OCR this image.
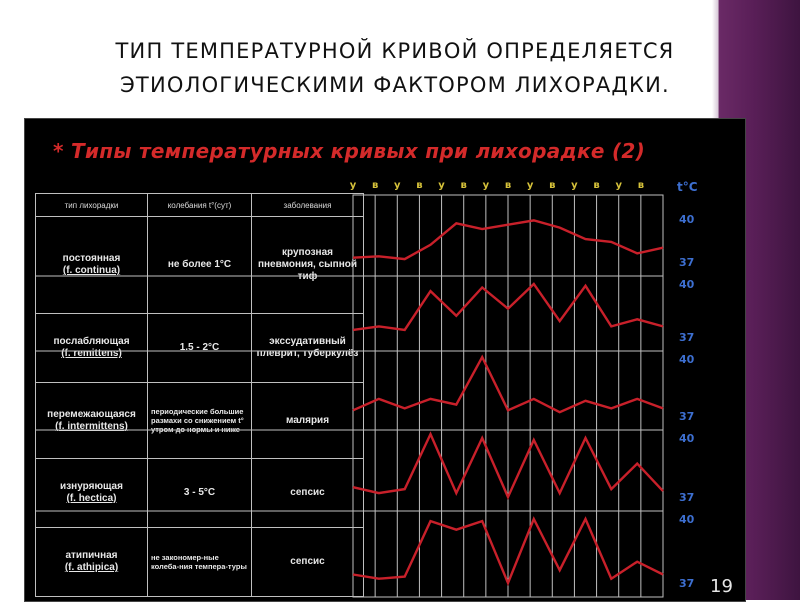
ТИП ТЕМПЕРАТУРНОЙ КРИВОЙ ОПРЕДЕЛЯЕТСЯ
ЭТИОЛОГИЧЕСКИМИ ФАКТОРОМ ЛИХОРАДКИ.
* Типы температурных кривых при лихорадке (2)
тип лихорадки	колебания t°(сут)	заболевания
постоянная
(f. continua)	не более 1°С	крупозная пневмония, сыпной тиф
послабляющая
(f. remittens)	1.5 - 2°С	экссудативный плеврит, туберкулёз
перемежающаяся
(f. intermittens)	периодические большие размахи со снижением t° утром до нормы и ниже	малярия
изнуряющая
(f. hectica)	3 - 5°С	сепсис
атипичная
(f. athipica)	не закономер-ные колеба-ния темпера-туры	сепсис
у в у в у в у в у в у в у в	t°C
40
37
40
37
40
37
40
37
40
37 19
